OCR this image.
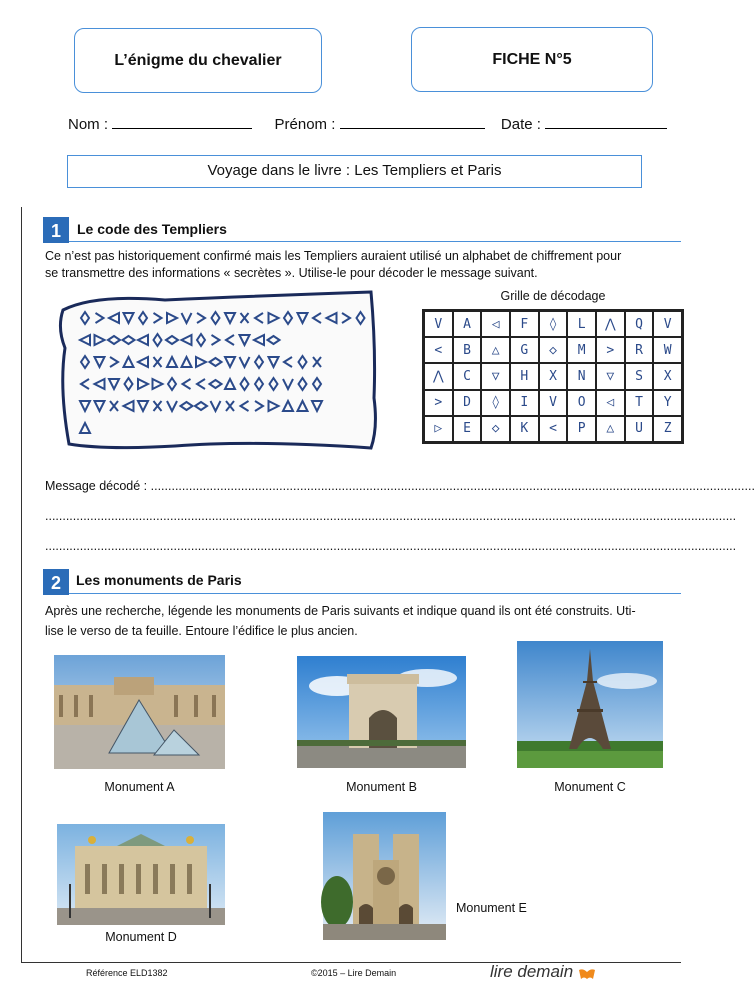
L’énigme du chevalier	FICHE N°5
Nom :	Prénom :	Date :
Voyage dans le livre : Les Templiers et Paris
1	Le code des Templiers
Ce n’est pas historiquement confirmé mais les Templiers auraient utilisé un alphabet de chiffrement pour
se transmettre des informations « secrètes ». Utilise-le pour décoder le message suivant.
Grille de décodage
V	A	◁	F	◊	L	⋀	Q	V
<	B	△	G	◇	M	>	R	W
⋀	C	▽	H	X	N	▽	S	X
>	D	◊	I	V	O	◁	T	Y
▷	E	◇	K	<	P	△	U	Z
Message décodé : ..............................................................................................................................................................................
.......................................................................................................................................................................................................
.......................................................................................................................................................................................................
2	Les monuments de Paris
Après une recherche, légende les monuments de Paris suivants et indique quand ils ont été construits. Uti-
lise le verso de ta feuille. Entoure l’édifice le plus ancien.
Monument A	Monument B	Monument C
Monument D
Monument E
Référence ELD1382	©2015 – Lire Demain	lire demain
